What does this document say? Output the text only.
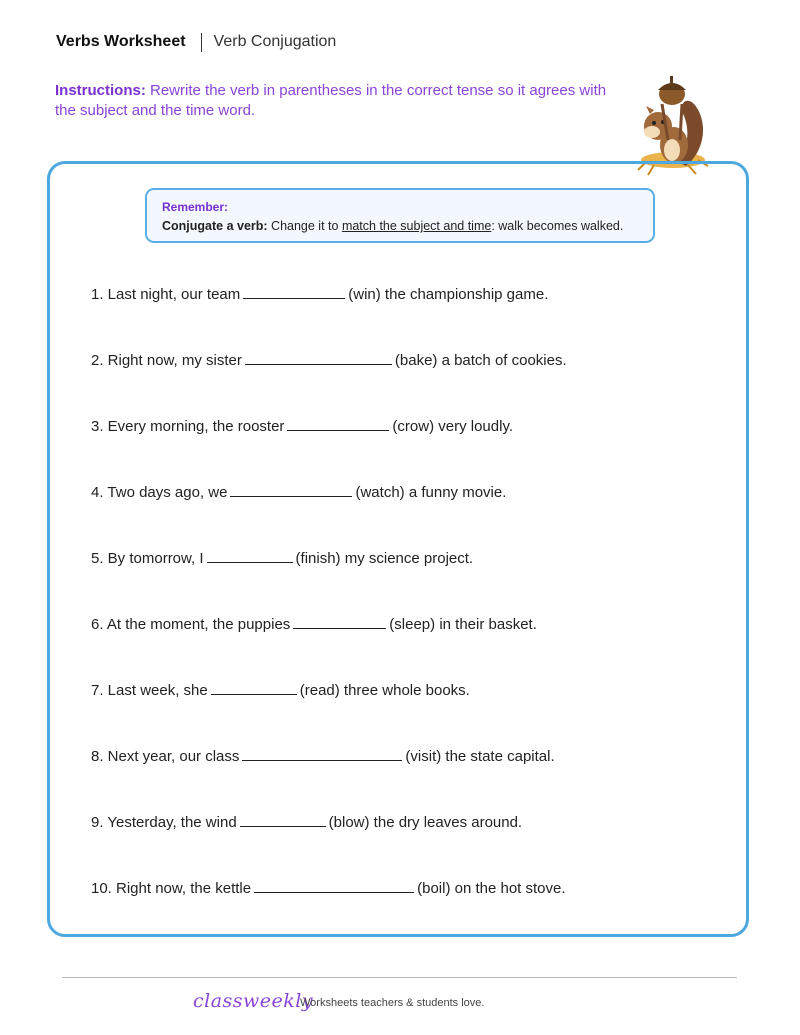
Verbs Worksheet Verb Conjugation
Instructions: Rewrite the verb in parentheses in the correct tense so it agrees with the subject and the time word.
Remember:
Conjugate a verb: Change it to match the subject and time: walk becomes walked.
1. Last night, our team	(win) the championship game.
2. Right now, my sister	(bake) a batch of cookies.
3. Every morning, the rooster	(crow) very loudly.
4. Two days ago, we	(watch) a funny movie.
5. By tomorrow, I	(finish) my science project.
6. At the moment, the puppies	(sleep) in their basket.
7. Last week, she	(read) three whole books.
8. Next year, our class	(visit) the state capital.
9. Yesterday, the wind	(blow) the dry leaves around.
10. Right now, the kettle	(boil) on the hot stove.
classweekly
Worksheets teachers & students love.
